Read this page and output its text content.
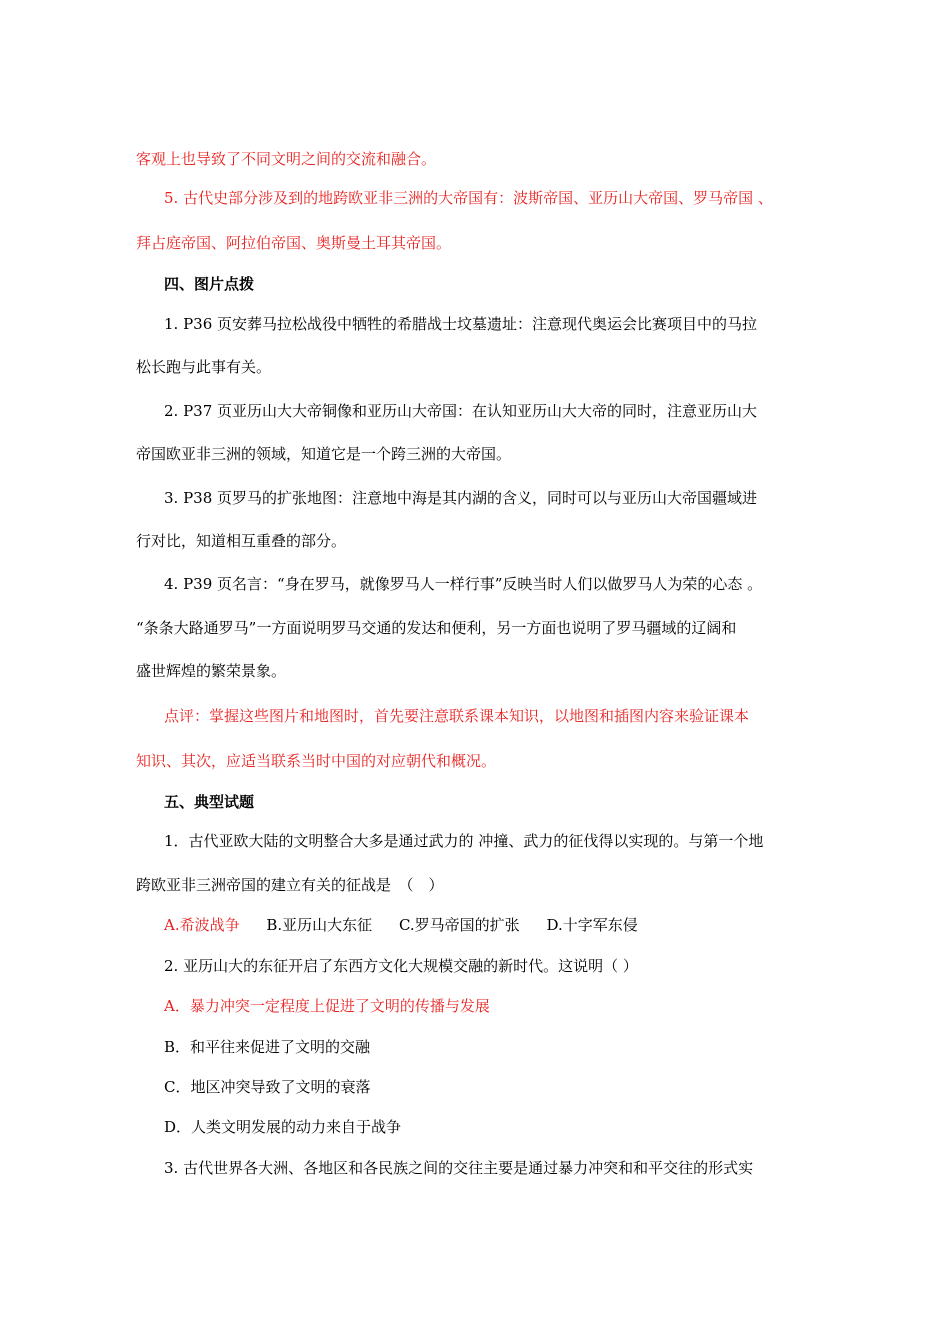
客观上也导致了不同文明之间的交流和融合。

5. 古代史部分涉及到的地跨欧亚非三洲的大帝国有：波斯帝国、亚历山大帝国、罗马帝国 、

拜占庭帝国、阿拉伯帝国、奥斯曼土耳其帝国。

四、图片点拨

1. P36 页安葬马拉松战役中牺牲的希腊战士坟墓遗址：注意现代奥运会比赛项目中的马拉

松长跑与此事有关。

2. P37 页亚历山大大帝铜像和亚历山大帝国：在认知亚历山大大帝的同时，注意亚历山大

帝国欧亚非三洲的领域，知道它是一个跨三洲的大帝国。

3. P38 页罗马的扩张地图：注意地中海是其内湖的含义，同时可以与亚历山大帝国疆域进

行对比，知道相互重叠的部分。

4. P39 页名言：“身在罗马，就像罗马人一样行事”反映当时人们以做罗马人为荣的心态 。

“条条大路通罗马”一方面说明罗马交通的发达和便利，另一方面也说明了罗马疆域的辽阔和

盛世辉煌的繁荣景象。

点评：掌握这些图片和地图时，首先要注意联系课本知识，以地图和插图内容来验证课本

知识、其次，应适当联系当时中国的对应朝代和概况。

五、典型试题

1．古代亚欧大陆的文明整合大多是通过武力的 冲撞、武力的征伐得以实现的。与第一个地

跨欧亚非三洲帝国的建立有关的征战是　（　）

A.希波战争 B.亚历山大东征 C.罗马帝国的扩张 D.十字军东侵

2. 亚历山大的东征开启了东西方文化大规模交融的新时代。这说明（ ）

A．暴力冲突一定程度上促进了文明的传播与发展

B．和平往来促进了文明的交融

C．地区冲突导致了文明的衰落

D．人类文明发展的动力来自于战争

3. 古代世界各大洲、各地区和各民族之间的交往主要是通过暴力冲突和和平交往的形式实
